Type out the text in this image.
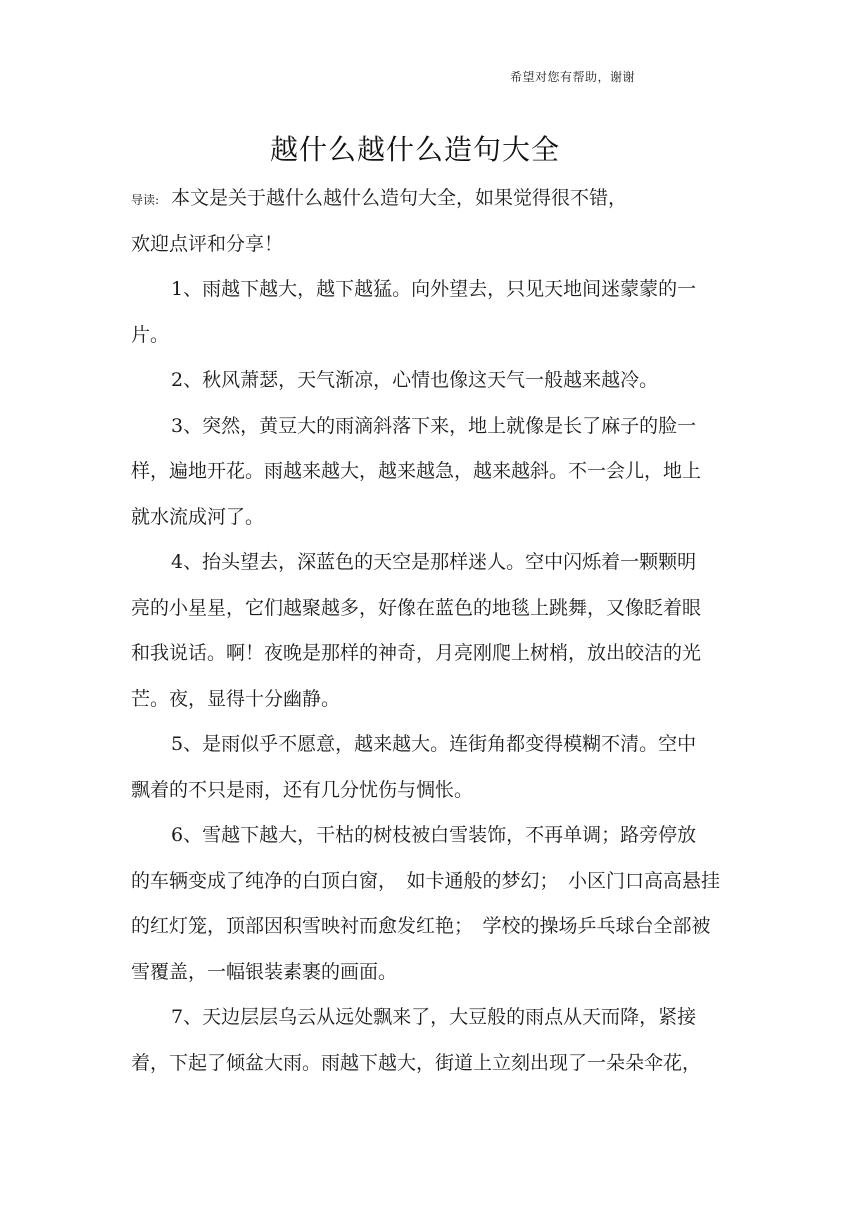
希望对您有帮助，谢谢
越什么越什么造句大全
导读: 本文是关于越什么越什么造句大全，如果觉得很不错，
欢迎点评和分享！
1、雨越下越大，越下越猛。向外望去，只见天地间迷蒙蒙的一
片。
2、秋风萧瑟，天气渐凉，心情也像这天气一般越来越冷。
3、突然，黄豆大的雨滴斜落下来，地上就像是长了麻子的脸一
样，遍地开花。雨越来越大，越来越急，越来越斜。不一会儿，地上
就水流成河了。
4、抬头望去，深蓝色的天空是那样迷人。空中闪烁着一颗颗明
亮的小星星，它们越聚越多，好像在蓝色的地毯上跳舞，又像眨着眼
和我说话。啊！夜晚是那样的神奇，月亮刚爬上树梢，放出皎洁的光
芒。夜，显得十分幽静。
5、是雨似乎不愿意，越来越大。连街角都变得模糊不清。空中
飘着的不只是雨，还有几分忧伤与惆怅。
6、雪越下越大，干枯的树枝被白雪装饰，不再单调；路旁停放
的车辆变成了纯净的白顶白窗，　如卡通般的梦幻；　小区门口高高悬挂
的红灯笼，顶部因积雪映衬而愈发红艳；　学校的操场乒乓球台全部被
雪覆盖，一幅银装素裹的画面。
7、天边层层乌云从远处飘来了，大豆般的雨点从天而降，紧接
着，下起了倾盆大雨。雨越下越大，街道上立刻出现了一朵朵伞花，
